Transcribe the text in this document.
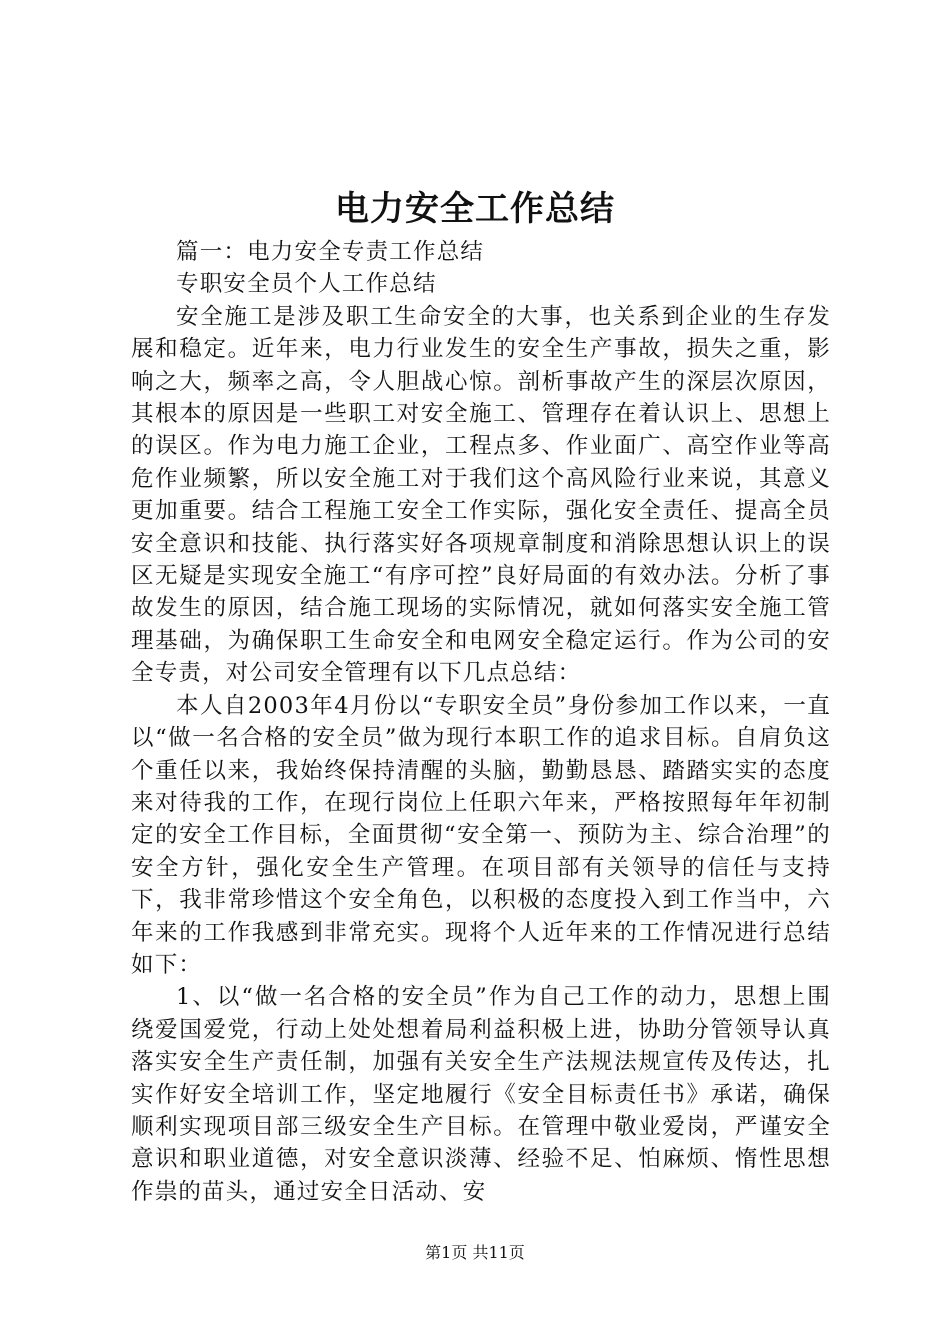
电力安全工作总结

篇一：电力安全专责工作总结

专职安全员个人工作总结

安全施工是涉及职工生命安全的大事，也关系到企业的生存发展和稳定。近年来，电力行业发生的安全生产事故，损失之重，影响之大，频率之高，令人胆战心惊。剖析事故产生的深层次原因，其根本的原因是一些职工对安全施工、管理存在着认识上、思想上的误区。作为电力施工企业，工程点多、作业面广、高空作业等高危作业频繁，所以安全施工对于我们这个高风险行业来说，其意义更加重要。结合工程施工安全工作实际，强化安全责任、提高全员安全意识和技能、执行落实好各项规章制度和消除思想认识上的误区无疑是实现安全施工“有序可控”良好局面的有效办法。分析了事故发生的原因，结合施工现场的实际情况，就如何落实安全施工管理基础，为确保职工生命安全和电网安全稳定运行。作为公司的安全专责，对公司安全管理有以下几点总结：

本人自2003年4月份以“专职安全员”身份参加工作以来，一直以“做一名合格的安全员”做为现行本职工作的追求目标。自肩负这个重任以来，我始终保持清醒的头脑，勤勤恳恳、踏踏实实的态度来对待我的工作，在现行岗位上任职六年来，严格按照每年年初制定的安全工作目标，全面贯彻“安全第一、预防为主、综合治理”的安全方针，强化安全生产管理。在项目部有关领导的信任与支持下，我非常珍惜这个安全角色，以积极的态度投入到工作当中，六年来的工作我感到非常充实。现将个人近年来的工作情况进行总结如下：

1、以“做一名合格的安全员”作为自己工作的动力，思想上围绕爱国爱党，行动上处处想着局利益积极上进，协助分管领导认真落实安全生产责任制，加强有关安全生产法规法规宣传及传达，扎实作好安全培训工作，坚定地履行《安全目标责任书》承诺，确保顺利实现项目部三级安全生产目标。在管理中敬业爱岗，严谨安全意识和职业道德，对安全意识淡薄、经验不足、怕麻烦、惰性思想作祟的苗头，通过安全日活动、安

第1页 共11页
